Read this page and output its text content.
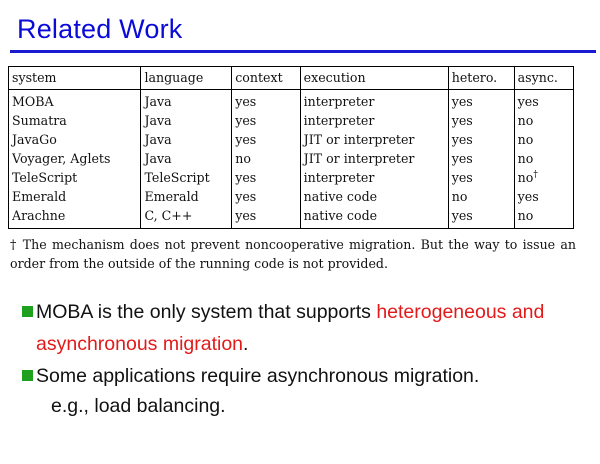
Related Work
system	language	context	execution	hetero.	async.

MOBA	Java	yes	interpreter	yes	yes
Sumatra	Java	yes	interpreter	yes	no
JavaGo	Java	yes	JIT or interpreter	yes	no
Voyager, Aglets	Java	no	JIT or interpreter	yes	no
TeleScript	TeleScript	yes	interpreter	yes	no†
Emerald	Emerald	yes	native code	no	yes
Arachne	C, C++	yes	native code	yes	no
† The mechanism does not prevent noncooperative migration. But the way to issue an order from the outside of the running code is not provided.
MOBA is the only system that supports heterogeneous and asynchronous migration.
Some applications require asynchronous migration.
e.g., load balancing.
